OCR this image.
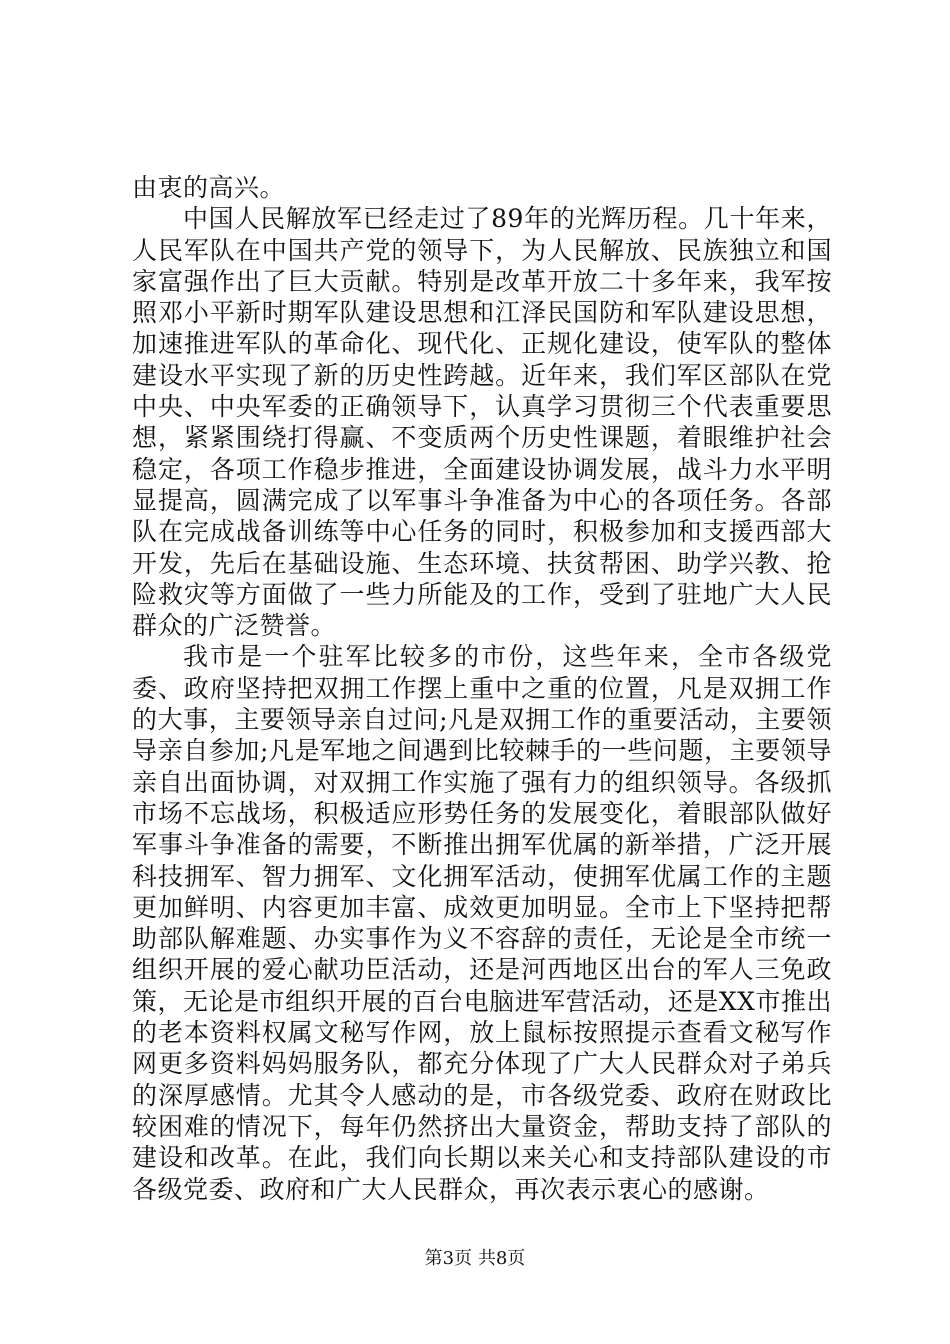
由衷的高兴。

中国人民解放军已经走过了89年的光辉历程。几十年来，人民军队在中国共产党的领导下，为人民解放、民族独立和国家富强作出了巨大贡献。特别是改革开放二十多年来，我军按照邓小平新时期军队建设思想和江泽民国防和军队建设思想，加速推进军队的革命化、现代化、正规化建设，使军队的整体建设水平实现了新的历史性跨越。近年来，我们军区部队在党中央、中央军委的正确领导下，认真学习贯彻三个代表重要思想，紧紧围绕打得赢、不变质两个历史性课题，着眼维护社会稳定，各项工作稳步推进，全面建设协调发展，战斗力水平明显提高，圆满完成了以军事斗争准备为中心的各项任务。各部队在完成战备训练等中心任务的同时，积极参加和支援西部大开发，先后在基础设施、生态环境、扶贫帮困、助学兴教、抢险救灾等方面做了一些力所能及的工作，受到了驻地广大人民群众的广泛赞誉。

我市是一个驻军比较多的市份，这些年来，全市各级党委、政府坚持把双拥工作摆上重中之重的位置，凡是双拥工作的大事，主要领导亲自过问;凡是双拥工作的重要活动，主要领导亲自参加;凡是军地之间遇到比较棘手的一些问题，主要领导亲自出面协调，对双拥工作实施了强有力的组织领导。各级抓市场不忘战场，积极适应形势任务的发展变化，着眼部队做好军事斗争准备的需要，不断推出拥军优属的新举措，广泛开展科技拥军、智力拥军、文化拥军活动，使拥军优属工作的主题更加鲜明、内容更加丰富、成效更加明显。全市上下坚持把帮助部队解难题、办实事作为义不容辞的责任，无论是全市统一组织开展的爱心献功臣活动，还是河西地区出台的军人三免政策，无论是市组织开展的百台电脑进军营活动，还是XX市推出的老本资料权属文秘写作网，放上鼠标按照提示查看文秘写作网更多资料妈妈服务队，都充分体现了广大人民群众对子弟兵的深厚感情。尤其令人感动的是，市各级党委、政府在财政比较困难的情况下，每年仍然挤出大量资金，帮助支持了部队的建设和改革。在此，我们向长期以来关心和支持部队建设的市各级党委、政府和广大人民群众，再次表示衷心的感谢。

第3页 共8页
